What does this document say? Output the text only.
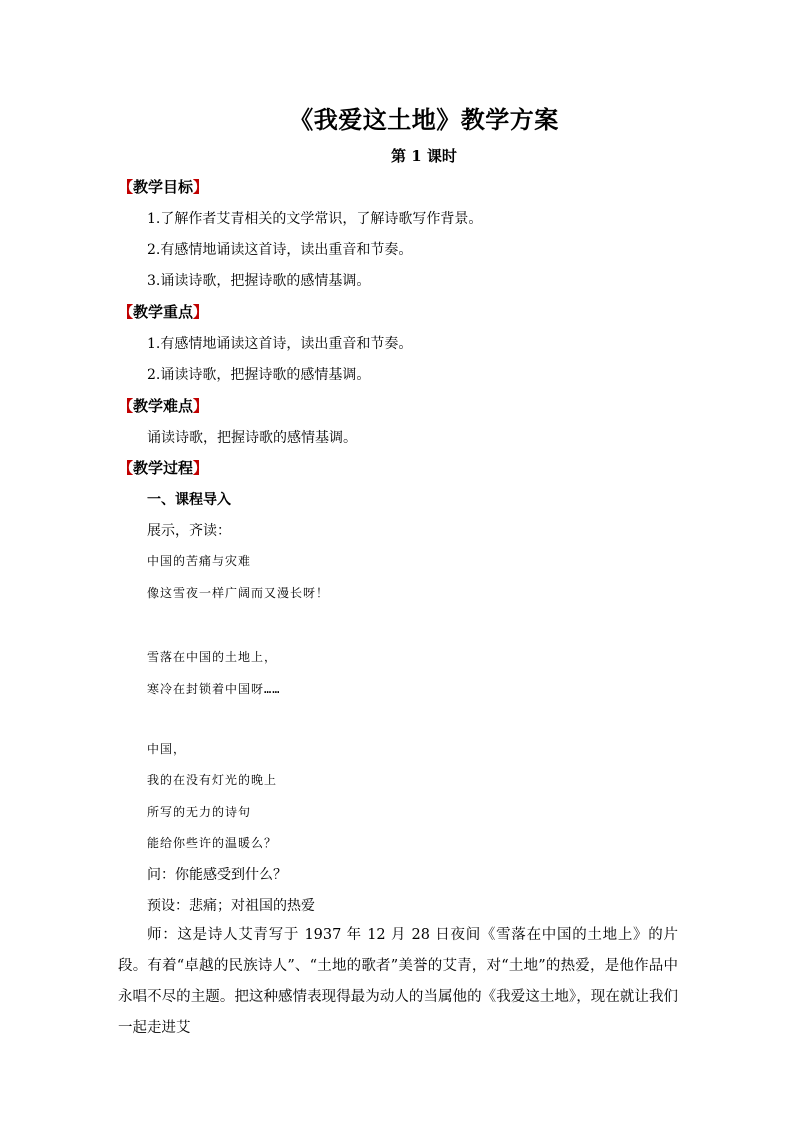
《我爱这土地》教学方案
第 1 课时
【教学目标】
1.了解作者艾青相关的文学常识，了解诗歌写作背景。
2.有感情地诵读这首诗，读出重音和节奏。
3.诵读诗歌，把握诗歌的感情基调。
【教学重点】
1.有感情地诵读这首诗，读出重音和节奏。
2.诵读诗歌，把握诗歌的感情基调。
【教学难点】
诵读诗歌，把握诗歌的感情基调。
【教学过程】
一、课程导入
展示，齐读：
中国的苦痛与灾难
像这雪夜一样广阔而又漫长呀！
雪落在中国的土地上，
寒冷在封锁着中国呀……
中国，
我的在没有灯光的晚上
所写的无力的诗句
能给你些许的温暖么？
问：你能感受到什么？
预设：悲痛；对祖国的热爱
师：这是诗人艾青写于 1937 年 12 月 28 日夜间《雪落在中国的土地上》的片段。有着“卓越的民族诗人”、“土地的歌者”美誉的艾青，对“土地”的热爱，是他作品中永唱不尽的主题。把这种感情表现得最为动人的当属他的《我爱这土地》，现在就让我们一起走进艾
